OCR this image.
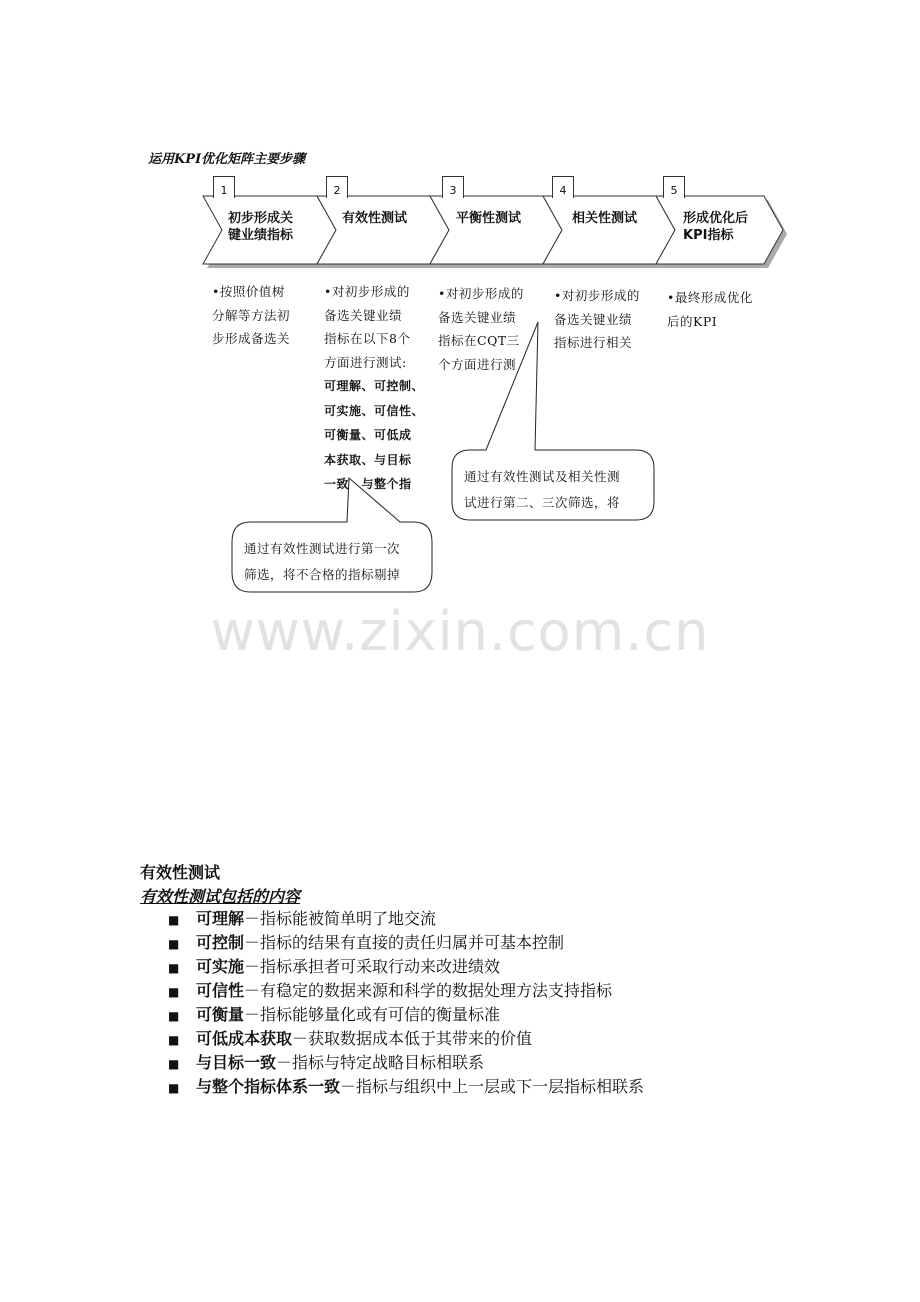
运用KPI优化矩阵主要步骤
1	2	3	4	5
初步形成关键业绩指标
有效性测试	平衡性测试	相关性测试	形成优化后KPI指标
•按照价值树
分解等方法初
步形成备选关
•对初步形成的
备选关键业绩
指标在以下8个
方面进行测试:
可理解、可控制、
可实施、可信性、
可衡量、可低成
本获取、与目标
一致、与整个指
•对初步形成的
备选关键业绩
指标在CQT三
个方面进行测
•对初步形成的
备选关键业绩
指标进行相关
•最终形成优化
后的KPI
通过有效性测试及相关性测
试进行第二、三次筛选，将
通过有效性测试进行第一次
筛选，将不合格的指标剔掉
www.zixin.com.cn
有效性测试
有效性测试包括的内容
■ 可理解－指标能被简单明了地交流
■ 可控制－指标的结果有直接的责任归属并可基本控制
■ 可实施－指标承担者可采取行动来改进绩效
■ 可信性－有稳定的数据来源和科学的数据处理方法支持指标
■ 可衡量－指标能够量化或有可信的衡量标准
■ 可低成本获取－获取数据成本低于其带来的价值
■ 与目标一致－指标与特定战略目标相联系
■ 与整个指标体系一致－指标与组织中上一层或下一层指标相联系
